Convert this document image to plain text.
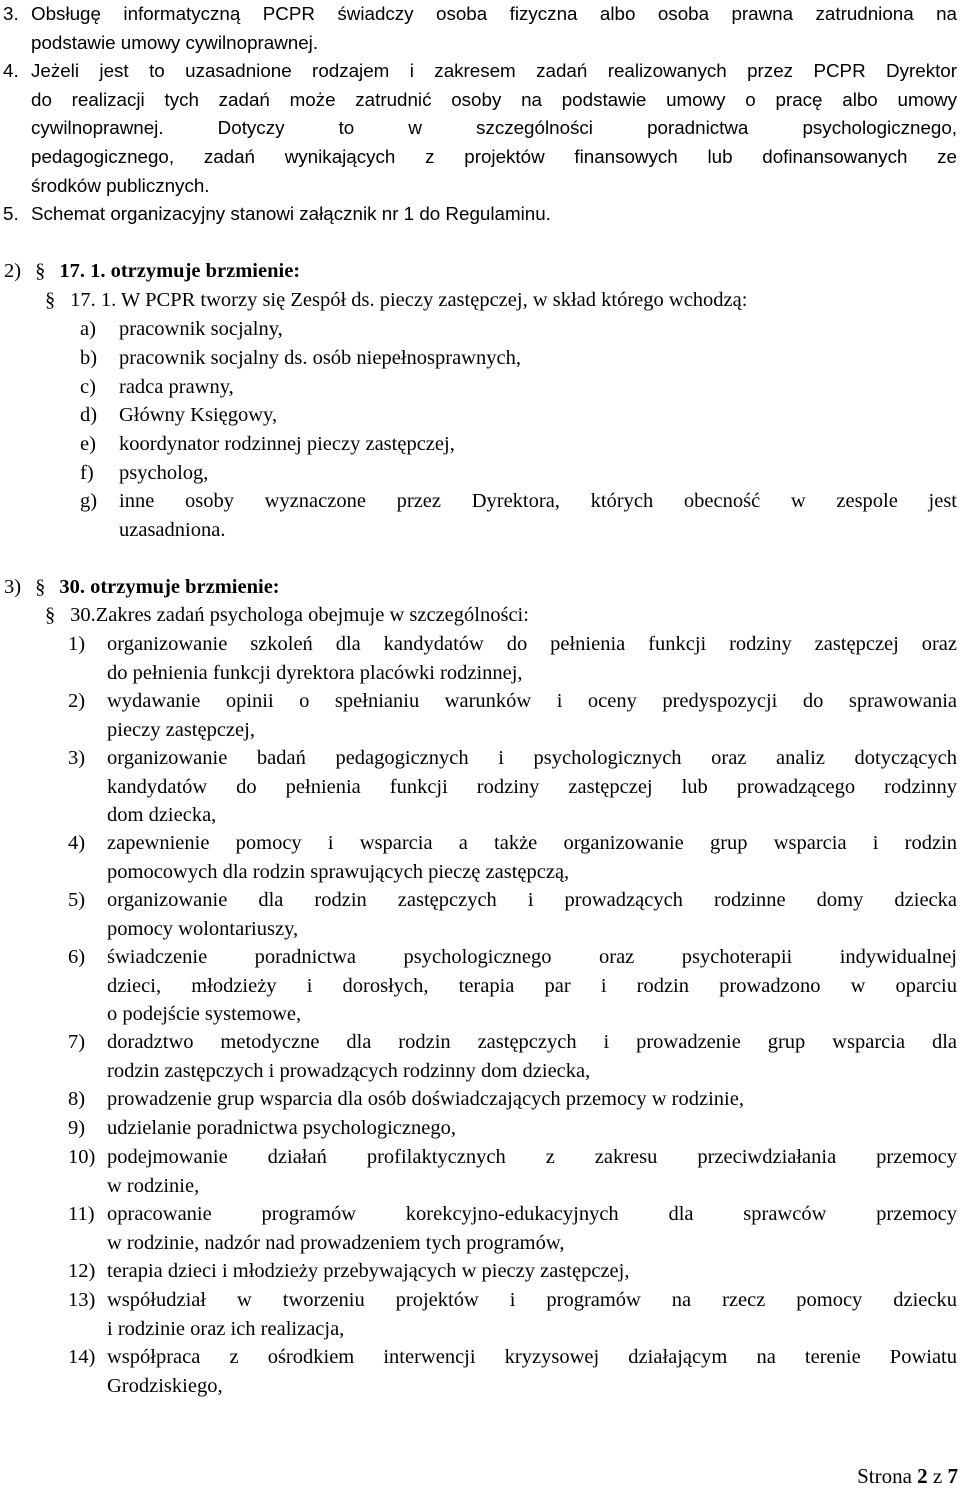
3. Obsługę informatyczną PCPR świadczy osoba fizyczna albo osoba prawna zatrudniona na
podstawie umowy cywilnoprawnej.
4. Jeżeli jest to uzasadnione rodzajem i zakresem zadań realizowanych przez PCPR Dyrektor
do realizacji tych zadań może zatrudnić osoby na podstawie umowy o pracę albo umowy
cywilnoprawnej. Dotyczy to w szczególności poradnictwa psychologicznego,
pedagogicznego, zadań wynikających z projektów finansowych lub dofinansowanych ze
środków publicznych.
5. Schemat organizacyjny stanowi załącznik nr 1 do Regulaminu.
2) § 17. 1. otrzymuje brzmienie:
§ 17. 1. W PCPR tworzy się Zespół ds. pieczy zastępczej, w skład którego wchodzą:
a) pracownik socjalny,
b) pracownik socjalny ds. osób niepełnosprawnych,
c) radca prawny,
d) Główny Księgowy,
e) koordynator rodzinnej pieczy zastępczej,
f) psycholog,
g) inne osoby wyznaczone przez Dyrektora, których obecność w zespole jest
uzasadniona.
3) § 30. otrzymuje brzmienie:
§ 30.Zakres zadań psychologa obejmuje w szczególności:
1) organizowanie szkoleń dla kandydatów do pełnienia funkcji rodziny zastępczej oraz
do pełnienia funkcji dyrektora placówki rodzinnej,
2) wydawanie opinii o spełnianiu warunków i oceny predyspozycji do sprawowania
pieczy zastępczej,
3) organizowanie badań pedagogicznych i psychologicznych oraz analiz dotyczących
kandydatów do pełnienia funkcji rodziny zastępczej lub prowadzącego rodzinny
dom dziecka,
4) zapewnienie pomocy i wsparcia a także organizowanie grup wsparcia i rodzin
pomocowych dla rodzin sprawujących pieczę zastępczą,
5) organizowanie dla rodzin zastępczych i prowadzących rodzinne domy dziecka
pomocy wolontariuszy,
6) świadczenie poradnictwa psychologicznego oraz psychoterapii indywidualnej
dzieci, młodzieży i dorosłych, terapia par i rodzin prowadzono w oparciu
o podejście systemowe,
7) doradztwo metodyczne dla rodzin zastępczych i prowadzenie grup wsparcia dla
rodzin zastępczych i prowadzących rodzinny dom dziecka,
8) prowadzenie grup wsparcia dla osób doświadczających przemocy w rodzinie,
9) udzielanie poradnictwa psychologicznego,
10) podejmowanie działań profilaktycznych z zakresu przeciwdziałania przemocy
w rodzinie,
11) opracowanie programów korekcyjno-edukacyjnych dla sprawców przemocy
w rodzinie, nadzór nad prowadzeniem tych programów,
12) terapia dzieci i młodzieży przebywających w pieczy zastępczej,
13) współudział w tworzeniu projektów i programów na rzecz pomocy dziecku
i rodzinie oraz ich realizacja,
14) współpraca z ośrodkiem interwencji kryzysowej działającym na terenie Powiatu
Grodziskiego,
Strona 2 z 7
